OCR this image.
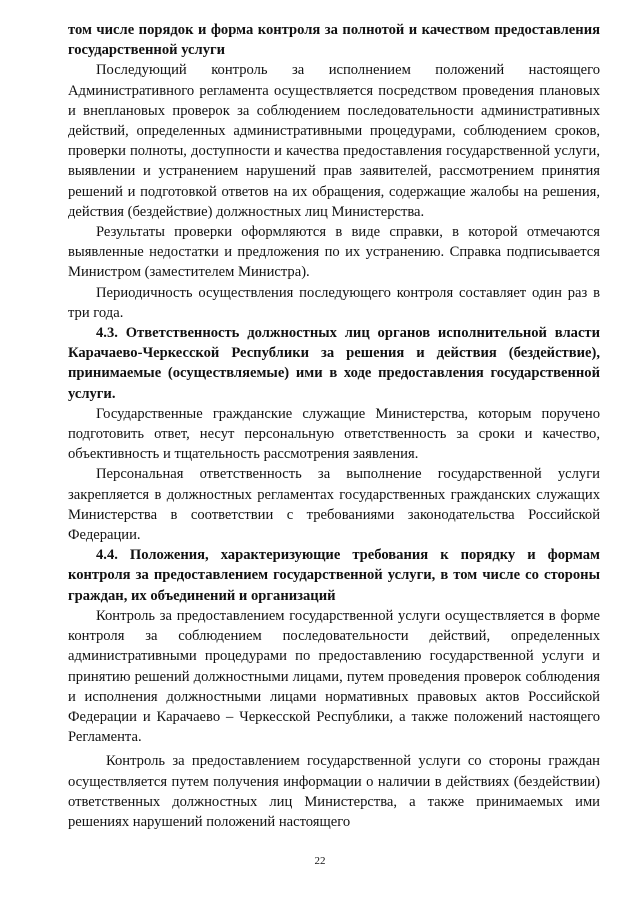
том числе порядок и форма контроля за полнотой и качеством предоставления государственной услуги

Последующий контроль за исполнением положений настоящего Административного регламента осуществляется посредством проведения плановых и внеплановых проверок за соблюдением последовательности административных действий, определенных административными процедурами, соблюдением сроков, проверки полноты, доступности и качества предоставления государственной услуги, выявлении и устранением нарушений прав заявителей, рассмотрением принятия решений и подготовкой ответов на их обращения, содержащие жалобы на решения, действия (бездействие) должностных лиц Министерства.

Результаты проверки оформляются в виде справки, в которой отмечаются выявленные недостатки и предложения по их устранению. Справка подписывается Министром (заместителем Министра).

Периодичность осуществления последующего контроля составляет один раз в три года.

4.3. Ответственность должностных лиц органов исполнительной власти Карачаево-Черкесской Республики за решения и действия (бездействие), принимаемые (осуществляемые) ими в ходе предоставления государственной услуги.

Государственные гражданские служащие Министерства, которым поручено подготовить ответ, несут персональную ответственность за сроки и качество, объективность и тщательность рассмотрения заявления.

Персональная ответственность за выполнение государственной услуги закрепляется в должностных регламентах государственных гражданских служащих Министерства в соответствии с требованиями законодательства Российской Федерации.

4.4. Положения, характеризующие требования к порядку и формам контроля за предоставлением государственной услуги, в том числе со стороны граждан, их объединений и организаций

Контроль за предоставлением государственной услуги осуществляется в форме контроля за соблюдением последовательности действий, определенных административными процедурами по предоставлению государственной услуги и принятию решений должностными лицами, путем проведения проверок соблюдения и исполнения должностными лицами нормативных правовых актов Российской Федерации и Карачаево – Черкесской Республики, а также положений настоящего Регламента.

Контроль за предоставлением государственной услуги со стороны граждан осуществляется путем получения информации о наличии в действиях (бездействии) ответственных должностных лиц Министерства, а также принимаемых ими решениях нарушений положений настоящего

22
